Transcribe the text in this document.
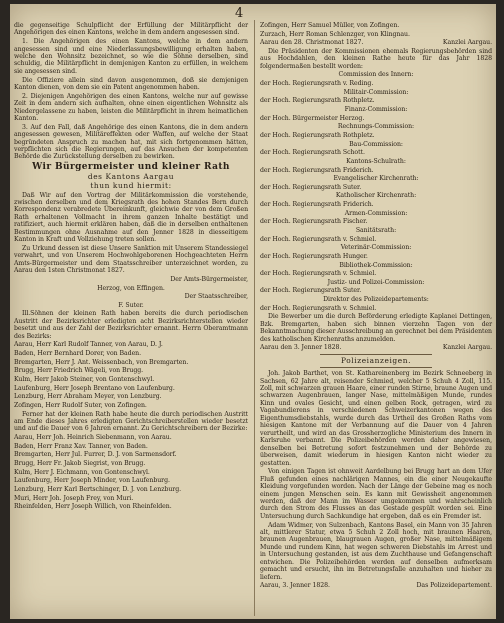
4

die gegenseitige Schulpflicht der Erfüllung der Militärpflicht der Angehörigen des einen Kantons, welche in dem andern angesessen sind.

1. Die Angehörigen des einen Kantons, welche in dem andern angesessen sind und eine Niederlassungsbewilligung erhalten haben, welche den Wohnsitz bezeichnet, so wie die Söhne derselben, sind schuldig, die Militärpflicht in demjenigen Kanton zu erfüllen, in welchem sie angesessen sind.

Die Offiziere allein sind davon ausgenommen, doß sie demjenigen Kanton dienen, von dem sie ein Patent angenommen haben.

2. Diejenigen Angehörigen des einen Kantons, welche nur auf gewisse Zeit in dem andern sich aufhalten, ohne einen eigentlichen Wohnsitz als Niedergelassene zu haben, leisten die Militärpflicht in ihrem heimatlichen Kanton.

3. Auf den Fall, daß Angehörige des einen Kantons, die in dem andern angesessen gewesen, Militäreffekten oder Waffen, auf welche der Staat begründeten Anspruch zu machen hat, mit sich fortgenommen hätten, verpflichten sich die Regierungen, auf das Ansuchen der kompetenten Behörde die Zurückstellung derselben zu bewirken.

Wir Bürgermeister und kleiner Rath

des Kantons Aargau

thun kund hiermit:

Daß Wir auf den Vortrag der Militärkommission die vorstehende, zwischen derselben und dem Kriegsrath des hohen Standes Bern durch Korrespondenz verabredete Übereinkunft, gleichwie der von dem Großen Rath erhaltenen Vollmacht in ihrem ganzen Inhalte bestätigt und ratifiziert, auch hiermit erklären haben, daß die in derselben enthaltenen Bestimmungen ohne Ausnahme auf den Jenner 1828 in diesseitigem Kanton in Kraft und Vollziehung treten sollen.

Zu Urkund dessen ist diese Unsere Sanktion mit Unserem Standessiegel verwahrt, und von Unserem Hochwohlgeborenen Hochgeachteten Herrn Amts-Bürgermeister und dem Staatsschreiber unterzeichnet worden, zu Aarau den 1sten Christmonat 1827.

Der Amts-Bürgermeister,

Herzog, von Effingen.

Der Staatsschreiber,

F. Suter.

Ill.Söhnen der kleinen Rath haben bereits die durch periodischen Austritt der Bezirksrichter erledigten acht Bezirksrichterstellen wieder besetzt und aus der Zahl der Bezirksrichter ernannt. Herrn Oberamtmann des Bezirks:

Aarau, Herr Karl Rudolf Tanner, von Aarau, D. J.

Baden, Herr Bernhard Dorer, von Baden.

Bremgarten, Herr J. Ant. Weissenbach, von Bremgarten.

Brugg, Herr Friedrich Wägeli, von Brugg.

Kulm, Herr Jakob Steiner, von Gontenschwyl.

Laufenburg, Herr Joseph Brentano von Laufenburg.

Lenzburg, Herr Abraham Meyer, von Lenzburg.

Zofingen, Herr Rudolf Suter, von Zofingen.

Ferner hat der kleinen Rath habe heute die durch periodischen Austritt am Ende dieses Jahres erledigten Gerichtschreiberstellen wieder besetzt und auf die Dauer von 6 Jahren ernannt. Zu Gerichtschreibern der Bezirke:

Aarau, Herr Joh. Heinrich Siebenmann, von Aarau.

Baden, Herr Franz Xav. Tanner, von Baden.

Bremgarten, Herr Jul. Furrer, D. J. von Sarmensdorf.

Brugg, Herr Fr. Jakob Siegrist, von Brugg.

Kulm, Herr J. Eichmann, von Gontenschwyl.

Laufenburg, Herr Joseph Minder, von Laufenburg.

Lenzburg, Herr Karl Bertschinger, D. J. von Lenzburg.

Muri, Herr Joh. Joseph Frey, von Muri.

Rheinfelden, Herr Joseph Willich, von Rheinfelden.

Zofingen, Herr Samuel Müller, von Zofingen.

Zurzach, Herr Roman Schlenzger, von Klingnau.

Aarau den 28. Christmonat 1827.	Kanzlei Aargau.

Die Präsidenten der Kommissionen ehemals Regierungsbehörden sind aus Hochdahlen, den kleinen Rathe heute für das Jahr 1828 folgendermaßen bestellt worden:

Commission des Innern:

der Hoch. Regierungsrath v. Reding.

Militair-Commission:

der Hoch. Regierungsrath Rothpletz.

Finanz-Commission:

der Hoch. Bürgermeister Herzog.

Rechnungs-Commission:

der Hoch. Regierungsrath Rothpletz.

Bau-Commission:

der Hoch. Regierungsrath Schott.

Kantons-Schulrath:

der Hoch. Regierungsrath Friderich.

Evangelischer Kirchenrath:

der Hoch. Regierungsrath Suter.

Katholischer Kirchenrath:

der Hoch. Regierungsrath Friderich.

Armen-Commission:

der Hoch. Regierungsrath Fischer.

Sanitätsrath:

der Hoch. Regierungsrath v. Schmiel.

Veterinär-Commission:

der Hoch. Regierungsrath Hunger.

Bibliothek-Commission:

der Hoch. Regierungsrath v. Schmiel.

Justiz- und Polizei-Commission:

der Hoch. Regierungsrath Suter.

Direktor des Polizeidepartements:

der Hoch. Regierungsrath v. Schmiel.

Die Bewerber um die durch Beförderung erledigte Kaplanei Dettingen, Bzk. Bremgarten, haben sich binnen vierzehn Tagen von der Bekanntmachung dieser Ausschreibung an gerechnet bei dem Präsidenten des katholischen Kirchenraths anzumelden.

Aarau den 3. Jenner 1828.	Kanzlei Aargau.

Polizeianzeigen.

Joh. Jakob Barthet, von St. Kathareinenberg im Bezirk Schneeberg in Sachsen, 62 Jahre alt, reisender Schmied, welcher 5 Schuh 4 Zoll, 115. Zoll, mit schwarzen grauen Haare, einer runden Stirne, braune Augen und schwarzen Augenbrauen, langer Nase, mittelmäßigen Munde, rundes Kinn und ovales Gesicht, und einen gelben Rock, getragen, wird zu Vagabundierens in verschiedenen Schweizerkantonen wegen des Eigenthumsdiebstahls, wurde durch das Urtheil des Großen Raths vom hiesigen Kantone mit der Verbannung auf die Dauer von 4 Jahren verurtheilt, und wird an das Grossherzogliche Ministerium des Innern in Karlsruhe verbannt. Die Polizeibehörden werden daher angewiesen, denselben bei Betretung sofort festzunehmen und der Behörde zu überweisen, damit wiederum in hiesigen Kanton nicht wieder zu gestatten.

Von einigen Tagen ist ohnweit Aardelbung bei Brugg hart an dem Ufer Fluß gefunden eines nachlärigen Mannes, ein die einer Neugekaufte Kleidung vorgefunden worden. Nach der Länge der Gebeine mag es noch einem jungen Menschen sein. Es kann mit Gewissheit angenommen werden, daß der Mann im Wasser umgekommen und wahrscheinlich durch den Strom des Flusses an das Gestade gespült worden sei. Eine Untersuchung durch Sachkundige hat ergeben, daß es ein Fremder ist.

Adam Widmer, von Sulzenbach, Kantons Basel, ein Mann von 35 Jahren alt, mittlerer Statur, etwa 5 Schuh 2 Zoll hoch, mit braunen Haaren, braunen Augenbrauen, blaugrauen Augen, großer Nase, mittelmäßigem Munde und rundem Kinn, hat wegen schweren Diebstahls im Arrest und in Untersuchung gestanden, ist aus dem Zuchthause und Gefangenschaft entwichen. Die Polizeibehörden werden auf denselben aufmerksam gemacht und ersucht, ihn im Betretungsfalle anzuhalten und hieher zu liefern.

Aarau, 3. Jenner 1828.	Das Polizeidepartement.
